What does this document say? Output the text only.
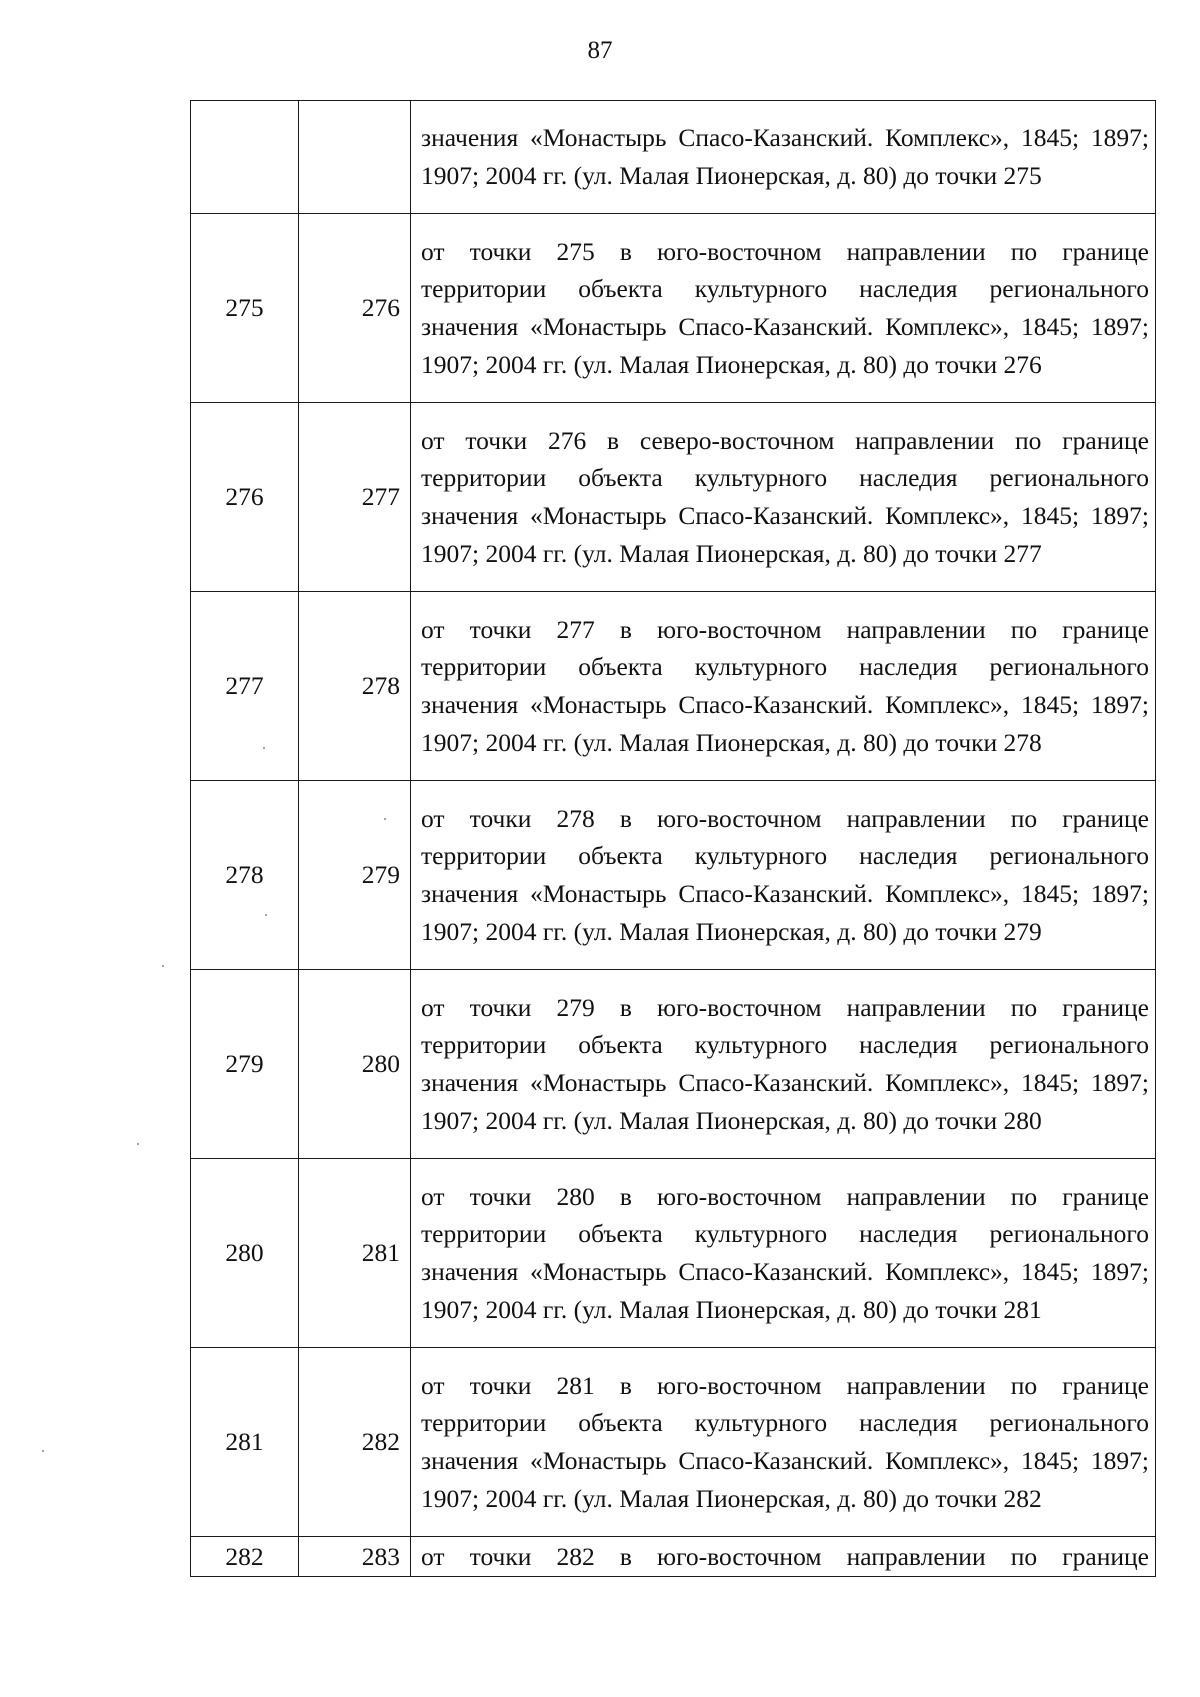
87

		значения «Монастырь Спасо-Казанский. Комплекс», 1845; 1897; 1907; 2004 гг. (ул. Малая Пионерская, д. 80) до точки 275

275	276	от точки 275 в юго-восточном направлении по границе территории объекта культурного наследия регионального значения «Монастырь Спасо-Казанский. Комплекс», 1845; 1897; 1907; 2004 гг. (ул. Малая Пионерская, д. 80) до точки 276

276	277	от точки 276 в северо-восточном направлении по границе территории объекта культурного наследия регионального значения «Монастырь Спасо-Казанский. Комплекс», 1845; 1897; 1907; 2004 гг. (ул. Малая Пионерская, д. 80) до точки 277

277	278	от точки 277 в юго-восточном направлении по границе территории объекта культурного наследия регионального значения «Монастырь Спасо-Казанский. Комплекс», 1845; 1897; 1907; 2004 гг. (ул. Малая Пионерская, д. 80) до точки 278

278	279	от точки 278 в юго-восточном направлении по границе территории объекта культурного наследия регионального значения «Монастырь Спасо-Казанский. Комплекс», 1845; 1897; 1907; 2004 гг. (ул. Малая Пионерская, д. 80) до точки 279

279	280	от точки 279 в юго-восточном направлении по границе территории объекта культурного наследия регионального значения «Монастырь Спасо-Казанский. Комплекс», 1845; 1897; 1907; 2004 гг. (ул. Малая Пионерская, д. 80) до точки 280

280	281	от точки 280 в юго-восточном направлении по границе территории объекта культурного наследия регионального значения «Монастырь Спасо-Казанский. Комплекс», 1845; 1897; 1907; 2004 гг. (ул. Малая Пионерская, д. 80) до точки 281

281	282	от точки 281 в юго-восточном направлении по границе территории объекта культурного наследия регионального значения «Монастырь Спасо-Казанский. Комплекс», 1845; 1897; 1907; 2004 гг. (ул. Малая Пионерская, д. 80) до точки 282

282	283	от точки 282 в юго-восточном направлении по границе
